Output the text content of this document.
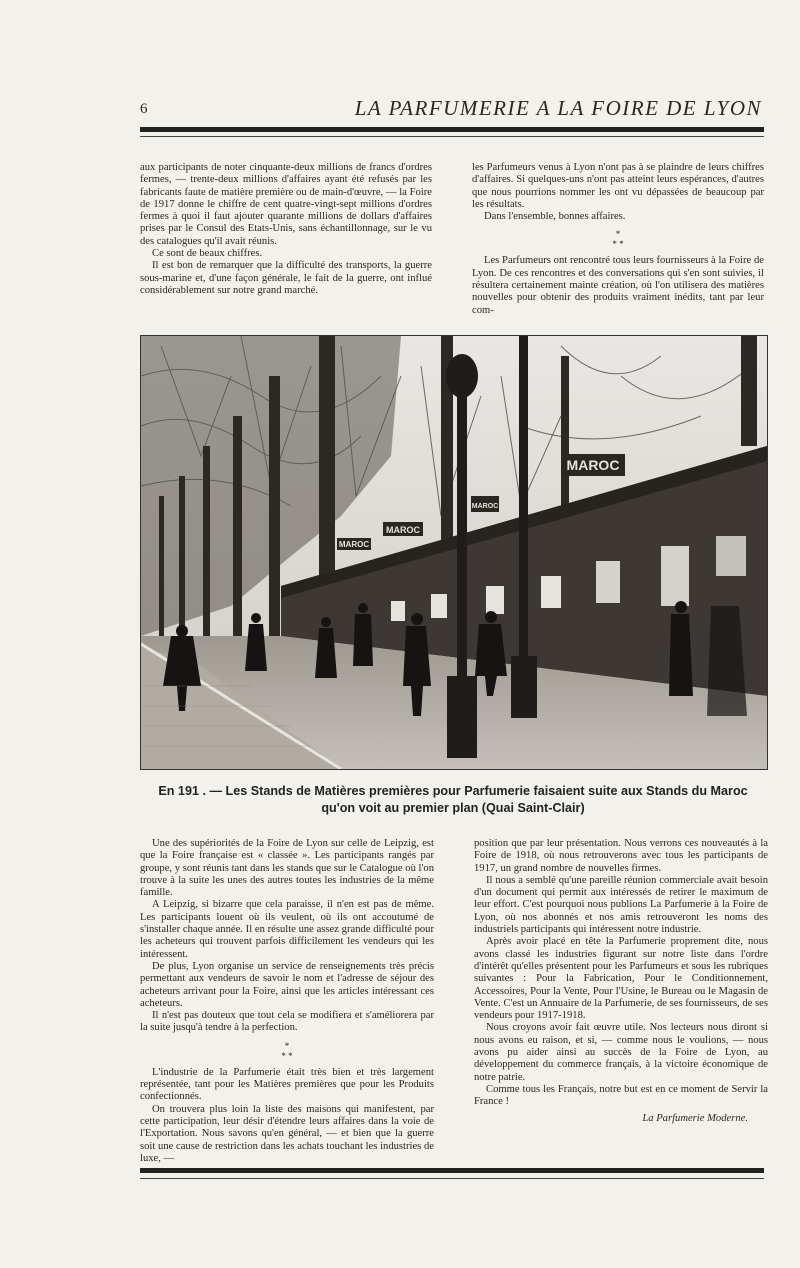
6	LA PARFUMERIE A LA FOIRE DE LYON

aux participants de noter cinquante-deux millions de francs d'ordres fermes, — trente-deux millions d'affaires ayant été refusés par les fabricants faute de matière première ou de main-d'œuvre, — la Foire de 1917 donne le chiffre de cent quatre-vingt-sept millions d'ordres fermes à quoi il faut ajouter quarante millions de dollars d'affaires prises par le Consul des Etats-Unis, sans échantillonnage, sur le vu des catalogues qu'il avait réunis.

Ce sont de beaux chiffres.

Il est bon de remarquer que la difficulté des transports, la guerre sous-marine et, d'une façon générale, le fait de la guerre, ont influé considérablement sur notre grand marché.

les Parfumeurs venus à Lyon n'ont pas à se plaindre de leurs chiffres d'affaires. Si quelques-uns n'ont pas atteint leurs espérances, d'autres que nous pourrions nommer les ont vu dépassées de beaucoup par les résultats.

Dans l'ensemble, bonnes affaires.

*
* *

Les Parfumeurs ont rencontré tous leurs fournisseurs à la Foire de Lyon. De ces rencontres et des conversations qui s'en sont suivies, il résultera certainement mainte création, où l'on utilisera des matières nouvelles pour obtenir des produits vraiment inédits, tant par leur com-

MAROC
MAROC
MAROC
MAROC
En 191 . — Les Stands de Matières premières pour Parfumerie faisaient suite aux Stands du Maroc
qu'on voit au premier plan (Quai Saint-Clair)

Une des supériorités de la Foire de Lyon sur celle de Leipzig, est que la Foire française est « classée ». Les participants rangés par groupe, y sont réunis tant dans les stands que sur le Catalogue où l'on trouve à la suite les unes des autres toutes les industries de la même famille.

A Leipzig, si bizarre que cela paraisse, il n'en est pas de même. Les participants louent où ils veulent, où ils ont accoutumé de s'installer chaque année. Il en résulte une assez grande difficulté pour les acheteurs qui trouvent parfois difficilement les vendeurs qui les intéressent.

De plus, Lyon organise un service de renseignements très précis permettant aux vendeurs de savoir le nom et l'adresse de séjour des acheteurs arrivant pour la Foire, ainsi que les articles intéressant ces acheteurs.

Il n'est pas douteux que tout cela se modifiera et s'améliorera par la suite jusqu'à tendre à la perfection.

*
* *

L'industrie de la Parfumerie était très bien et très largement représentée, tant pour les Matières premières que pour les Produits confectionnés.

On trouvera plus loin la liste des maisons qui manifestent, par cette participation, leur désir d'étendre leurs affaires dans la voie de l'Exportation. Nous savons qu'en général, — et bien que la guerre soit une cause de restriction dans les achats touchant les industries de luxe, —

position que par leur présentation. Nous verrons ces nouveautés à la Foire de 1918, où nous retrouverons avec tous les participants de 1917, un grand nombre de nouvelles firmes.

Il nous a semblé qu'une pareille réunion commerciale avait besoin d'un document qui permit aux intéressés de retirer le maximum de leur effort. C'est pourquoi nous publions La Parfumerie à la Foire de Lyon, où nos abonnés et nos amis retrouveront les noms des industriels participants qui intéressent notre industrie.

Après avoir placé en tête la Parfumerie proprement dite, nous avons classé les industries figurant sur notre liste dans l'ordre d'intérêt qu'elles présentent pour les Parfumeurs et sous les rubriques suivantes : Pour la Fabrication, Pour le Conditionnement, Accessoires, Pour la Vente, Pour l'Usine, le Bureau ou le Magasin de Vente. C'est un Annuaire de la Parfumerie, de ses fournisseurs, de ses vendeurs pour 1917-1918.

Nous croyons avoir fait œuvre utile. Nos lecteurs nous diront si nous avons eu raison, et si, — comme nous le voulions, — nous avons pu aider ainsi au succès de la Foire de Lyon, au développement du commerce français, à la victoire économique de notre patrie.

Comme tous les Français, notre but est en ce moment de Servir la France !

La Parfumerie Moderne.
